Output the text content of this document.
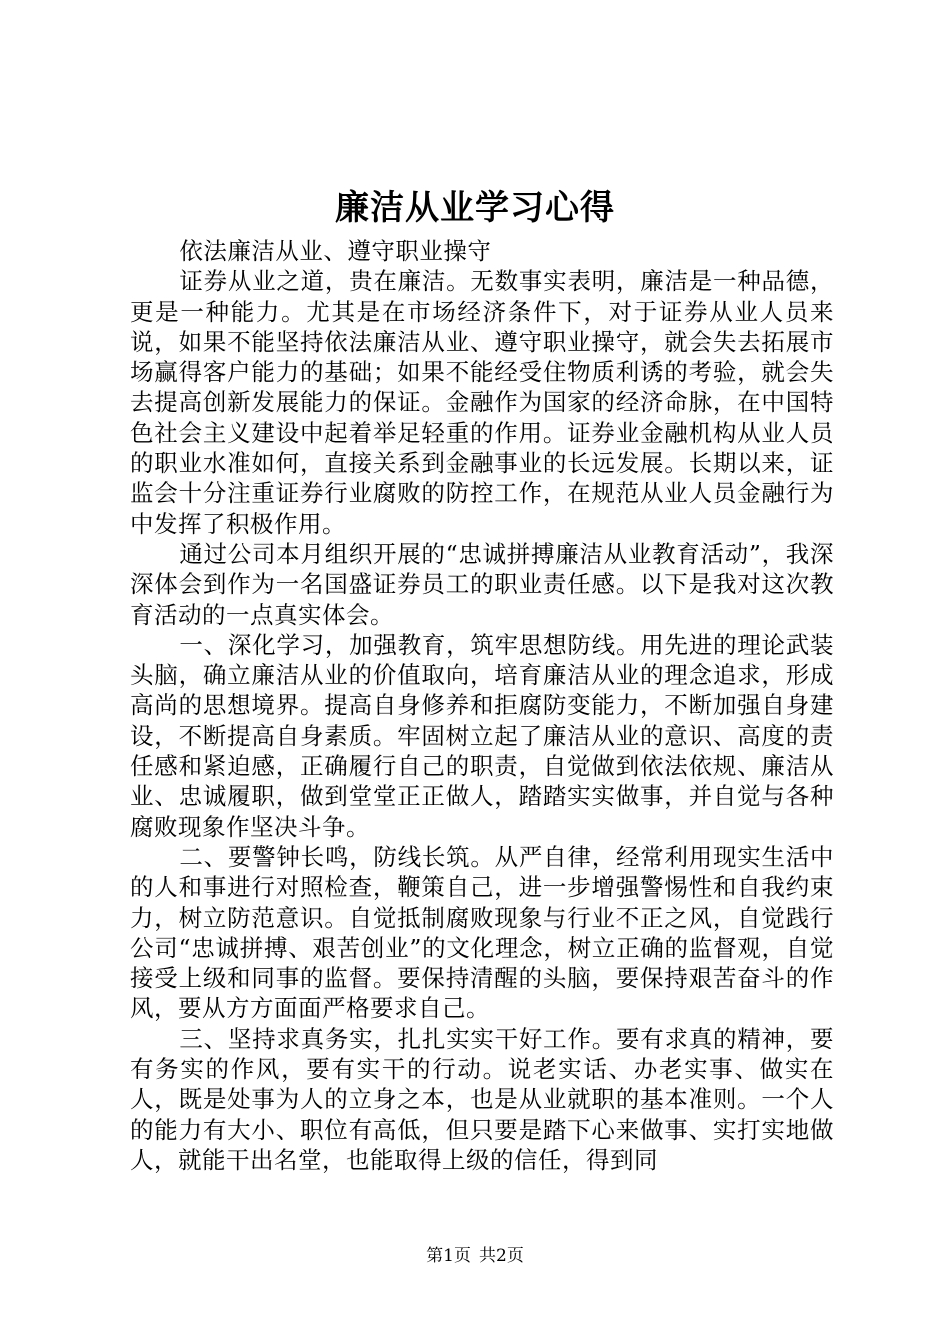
廉洁从业学习心得

依法廉洁从业、遵守职业操守

证券从业之道，贵在廉洁。无数事实表明，廉洁是一种品德，更是一种能力。尤其是在市场经济条件下，对于证券从业人员来说，如果不能坚持依法廉洁从业、遵守职业操守，就会失去拓展市场赢得客户能力的基础；如果不能经受住物质利诱的考验，就会失去提高创新发展能力的保证。金融作为国家的经济命脉，在中国特色社会主义建设中起着举足轻重的作用。证券业金融机构从业人员的职业水准如何，直接关系到金融事业的长远发展。长期以来，证监会十分注重证券行业腐败的防控工作，在规范从业人员金融行为中发挥了积极作用。

通过公司本月组织开展的“忠诚拼搏廉洁从业教育活动”，我深深体会到作为一名国盛证券员工的职业责任感。以下是我对这次教育活动的一点真实体会。

一、深化学习，加强教育，筑牢思想防线。用先进的理论武装头脑，确立廉洁从业的价值取向，培育廉洁从业的理念追求，形成高尚的思想境界。提高自身修养和拒腐防变能力，不断加强自身建设，不断提高自身素质。牢固树立起了廉洁从业的意识、高度的责任感和紧迫感，正确履行自己的职责，自觉做到依法依规、廉洁从业、忠诚履职，做到堂堂正正做人，踏踏实实做事，并自觉与各种腐败现象作坚决斗争。

二、要警钟长鸣，防线长筑。从严自律，经常利用现实生活中的人和事进行对照检查，鞭策自己，进一步增强警惕性和自我约束力，树立防范意识。自觉抵制腐败现象与行业不正之风，自觉践行公司“忠诚拼搏、艰苦创业”的文化理念，树立正确的监督观，自觉接受上级和同事的监督。要保持清醒的头脑，要保持艰苦奋斗的作风，要从方方面面严格要求自己。

三、坚持求真务实，扎扎实实干好工作。要有求真的精神，要有务实的作风，要有实干的行动。说老实话、办老实事、做实在人，既是处事为人的立身之本，也是从业就职的基本准则。一个人的能力有大小、职位有高低，但只要是踏下心来做事、实打实地做人，就能干出名堂，也能取得上级的信任，得到同

第1页 共2页
